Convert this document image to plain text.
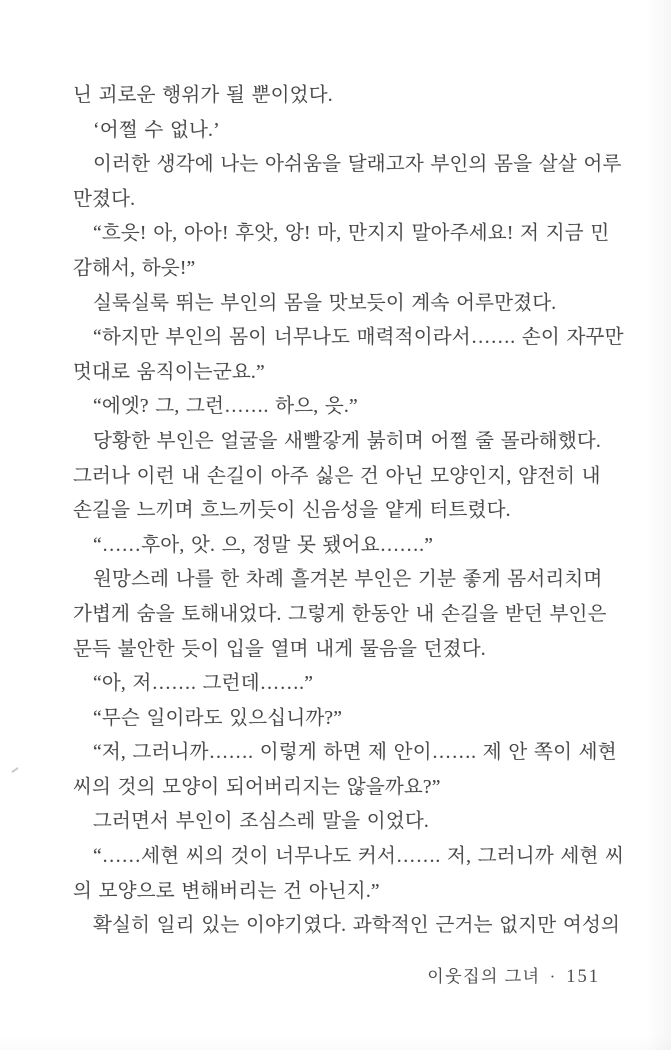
닌 괴로운 행위가 될 뿐이었다.
‘어쩔 수 없나.’
이러한 생각에 나는 아쉬움을 달래고자 부인의 몸을 살살 어루
만졌다.
“흐읏! 아, 아아! 후앗, 앙! 마, 만지지 말아주세요! 저 지금 민
감해서, 하읏!”
실룩실룩 뛰는 부인의 몸을 맛보듯이 계속 어루만졌다.
“하지만 부인의 몸이 너무나도 매력적이라서……. 손이 자꾸만
멋대로 움직이는군요.”
“에엣? 그, 그런……. 하으, 읏.”
당황한 부인은 얼굴을 새빨갛게 붉히며 어쩔 줄 몰라해했다.
그러나 이런 내 손길이 아주 싫은 건 아닌 모양인지, 얌전히 내
손길을 느끼며 흐느끼듯이 신음성을 얕게 터트렸다.
“……후아, 앗. 으, 정말 못 됐어요…….”
원망스레 나를 한 차례 흘겨본 부인은 기분 좋게 몸서리치며
가볍게 숨을 토해내었다. 그렇게 한동안 내 손길을 받던 부인은
문득 불안한 듯이 입을 열며 내게 물음을 던졌다.
“아, 저……. 그런데…….”
“무슨 일이라도 있으십니까?”
“저, 그러니까……. 이렇게 하면 제 안이……. 제 안 쪽이 세현
씨의 것의 모양이 되어버리지는 않을까요?”
그러면서 부인이 조심스레 말을 이었다.
“……세현 씨의 것이 너무나도 커서……. 저, 그러니까 세현 씨
의 모양으로 변해버리는 건 아닌지.”
확실히 일리 있는 이야기였다. 과학적인 근거는 없지만 여성의
이웃집의 그녀 · 151
